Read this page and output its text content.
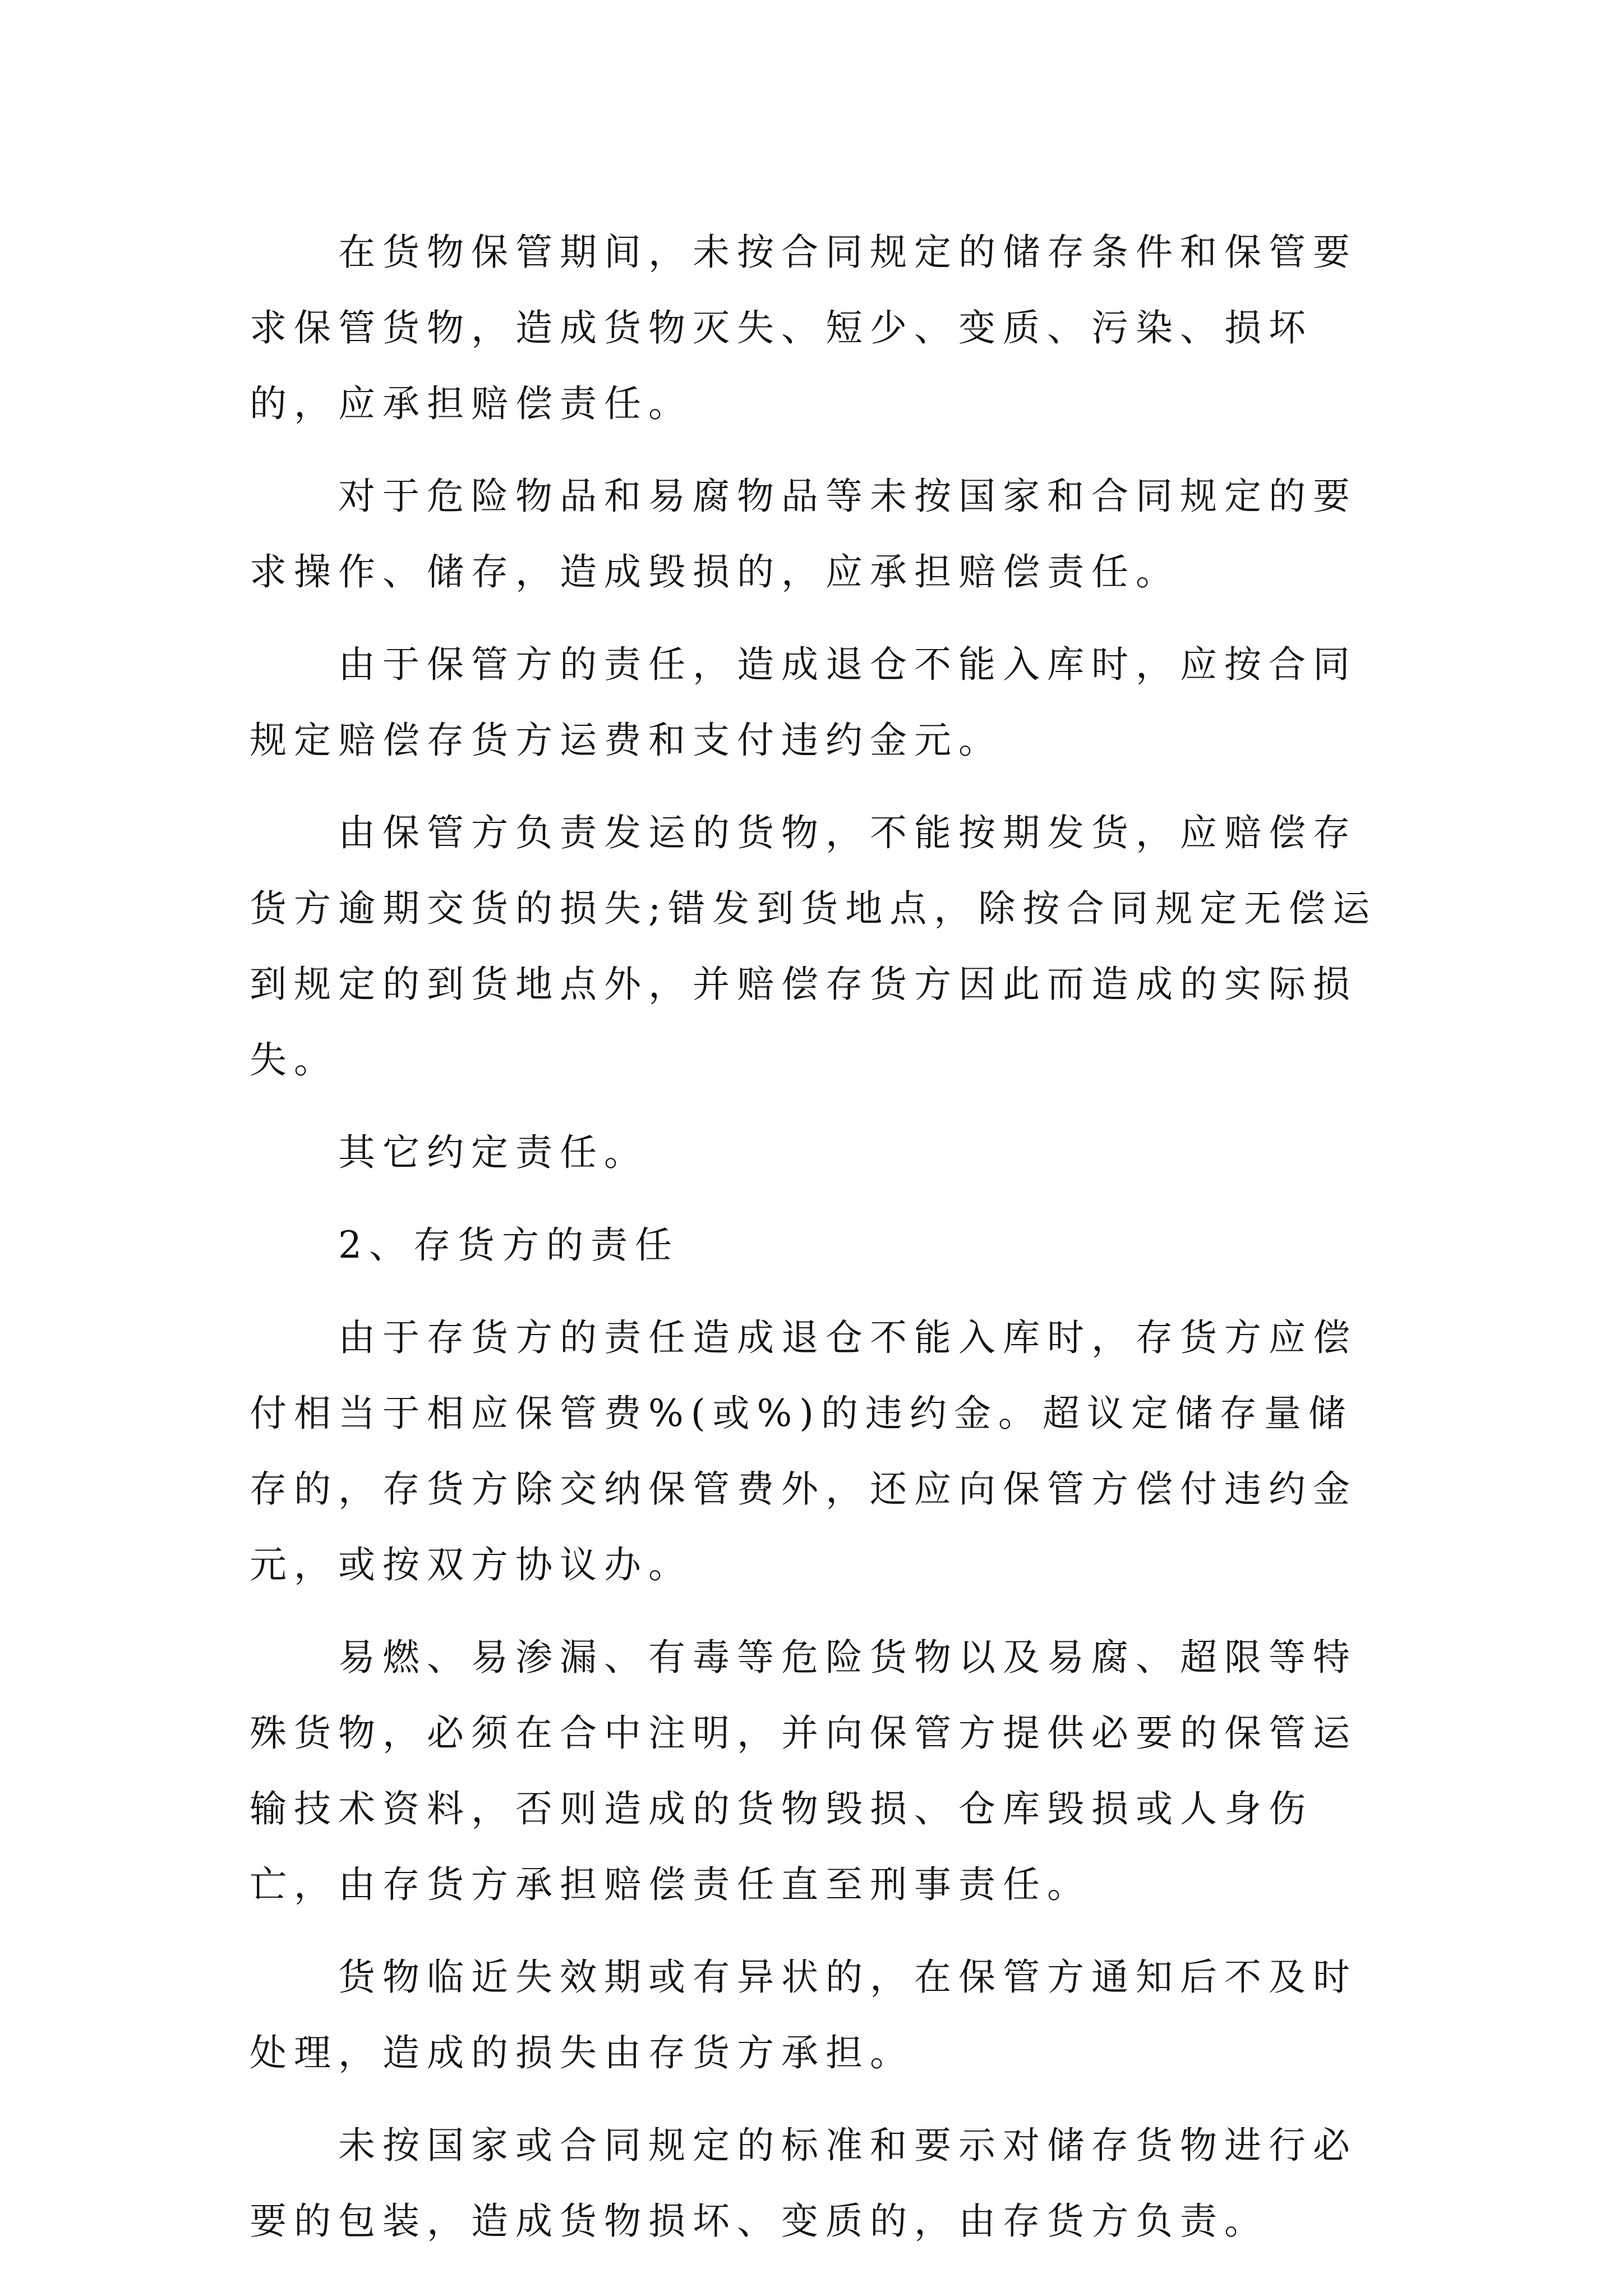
在货物保管期间，未按合同规定的储存条件和保管要求保管货物，造成货物灭失、短少、变质、污染、损坏的，应承担赔偿责任。

对于危险物品和易腐物品等未按国家和合同规定的要求操作、储存，造成毁损的，应承担赔偿责任。

由于保管方的责任，造成退仓不能入库时，应按合同规定赔偿存货方运费和支付违约金元。

由保管方负责发运的货物，不能按期发货，应赔偿存货方逾期交货的损失;错发到货地点，除按合同规定无偿运到规定的到货地点外，并赔偿存货方因此而造成的实际损失。

其它约定责任。

2、存货方的责任

由于存货方的责任造成退仓不能入库时，存货方应偿付相当于相应保管费%(或%)的违约金。超议定储存量储存的，存货方除交纳保管费外，还应向保管方偿付违约金元，或按双方协议办。

易燃、易渗漏、有毒等危险货物以及易腐、超限等特殊货物，必须在合中注明，并向保管方提供必要的保管运输技术资料，否则造成的货物毁损、仓库毁损或人身伤亡，由存货方承担赔偿责任直至刑事责任。

货物临近失效期或有异状的，在保管方通知后不及时处理，造成的损失由存货方承担。

未按国家或合同规定的标准和要示对储存货物进行必要的包装，造成货物损坏、变质的，由存货方负责。
